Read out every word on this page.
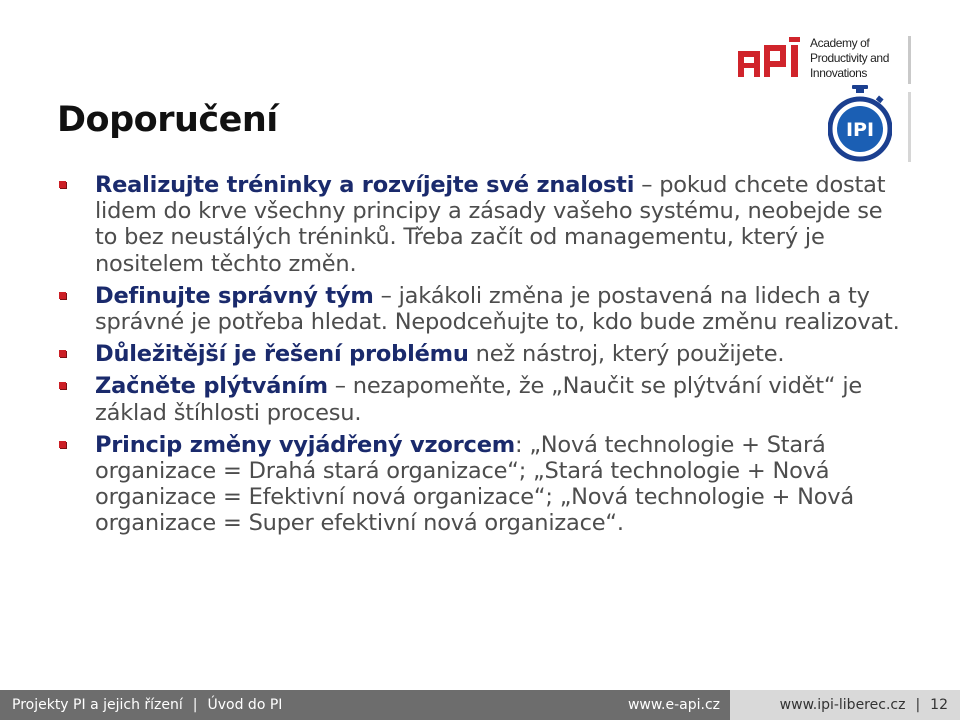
Doporučení
Academy of
Productivity and
Innovations
IPI
Realizujte tréninky a rozvíjejte své znalosti – pokud chcete dostat lidem do krve všechny principy a zásady vašeho systému, neobejde se to bez neustálých tréninků. Třeba začít od managementu, který je nositelem těchto změn.
Definujte správný tým – jakákoli změna je postavená na lidech a ty správné je potřeba hledat. Nepodceňujte to, kdo bude změnu realizovat.
Důležitější je řešení problému než nástroj, který použijete.
Začněte plýtváním – nezapomeňte, že „Naučit se plýtvání vidět“ je základ štíhlosti procesu.
Princip změny vyjádřený vzorcem: „Nová technologie + Stará organizace = Drahá stará organizace“; „Stará technologie + Nová organizace = Efektivní nová organizace“; „Nová technologie + Nová organizace = Super efektivní nová organizace“.
Projekty PI a jejich řízení | Úvod do PI	www.e-api.cz	www.ipi-liberec.cz | 12
